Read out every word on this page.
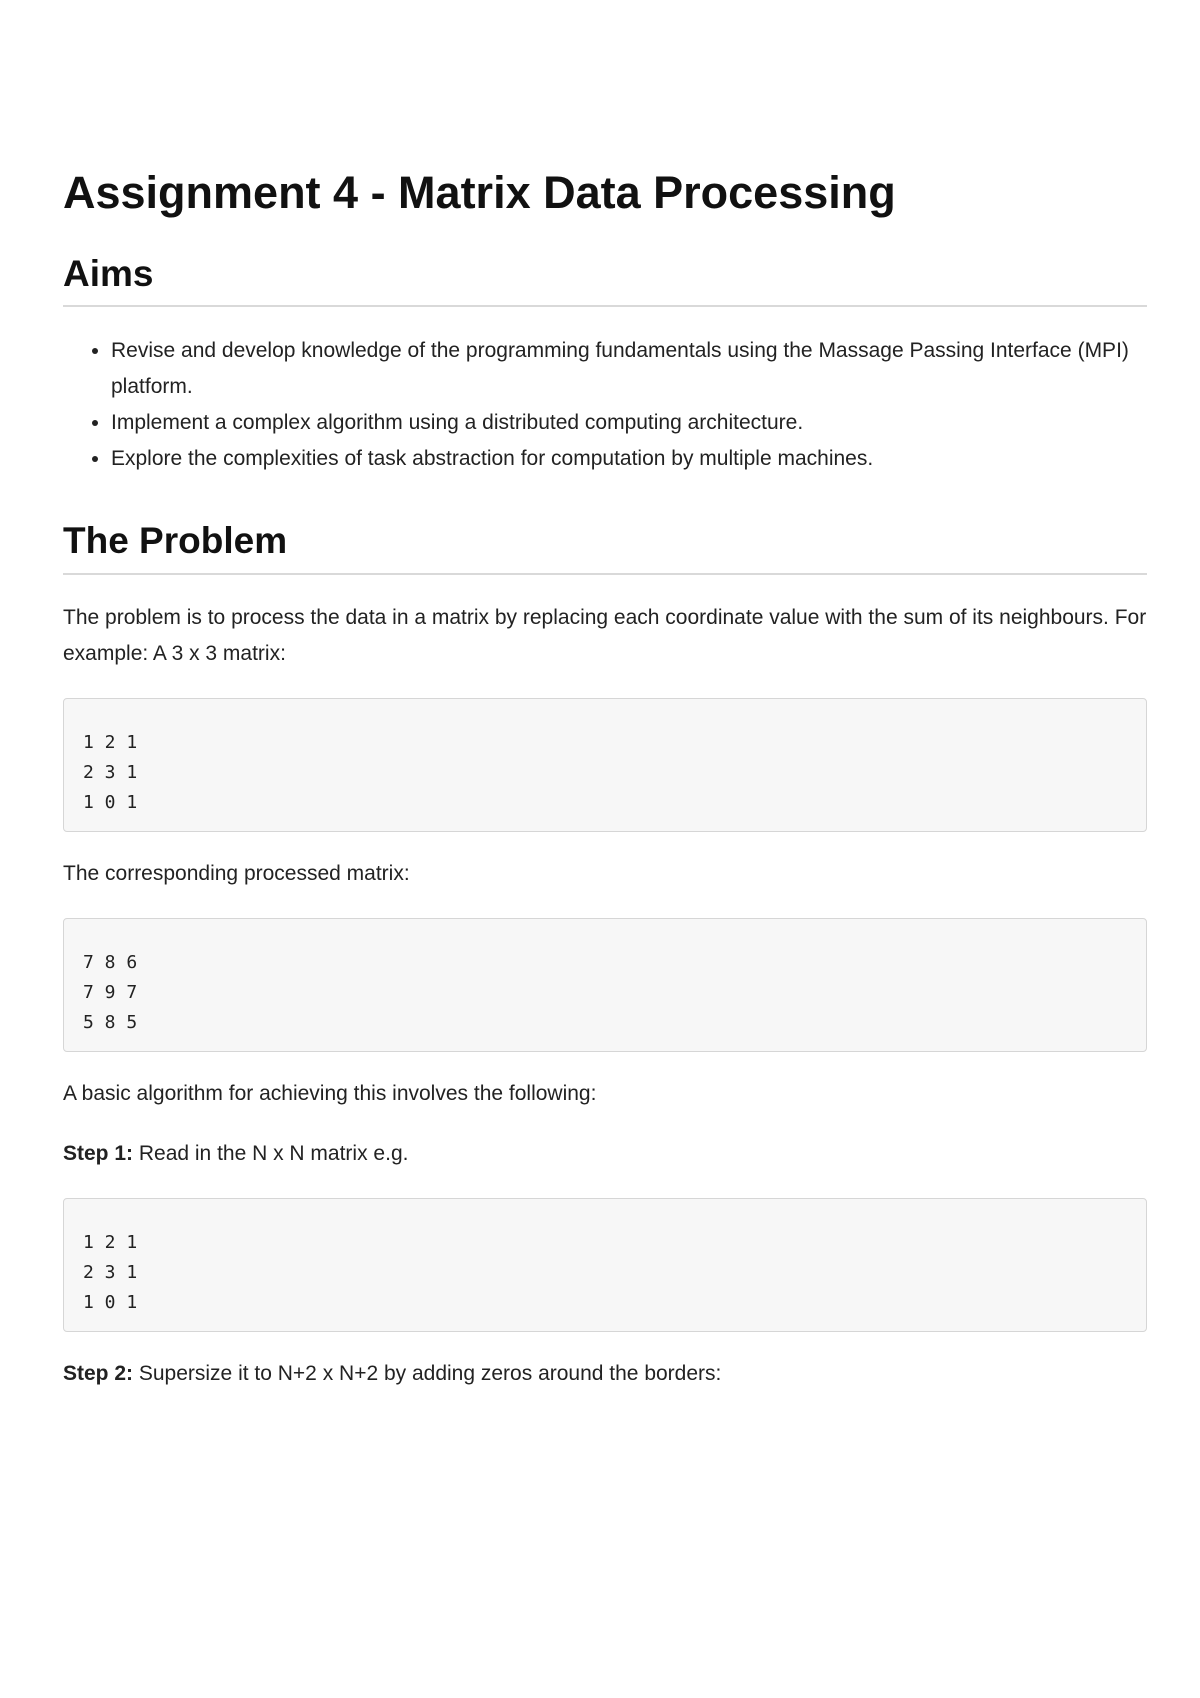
Assignment 4 - Matrix Data Processing
Aims
• Revise and develop knowledge of the programming fundamentals using the Massage Passing Interface (MPI) platform.
• Implement a complex algorithm using a distributed computing architecture.
• Explore the complexities of task abstraction for computation by multiple machines.
The Problem

The problem is to process the data in a matrix by replacing each coordinate value with the sum of its neighbours. For example: A 3 x 3 matrix:

1 2 1
2 3 1
1 0 1

The corresponding processed matrix:

7 8 6
7 9 7
5 8 5

A basic algorithm for achieving this involves the following:

Step 1: Read in the N x N matrix e.g.

1 2 1
2 3 1
1 0 1

Step 2: Supersize it to N+2 x N+2 by adding zeros around the borders:
